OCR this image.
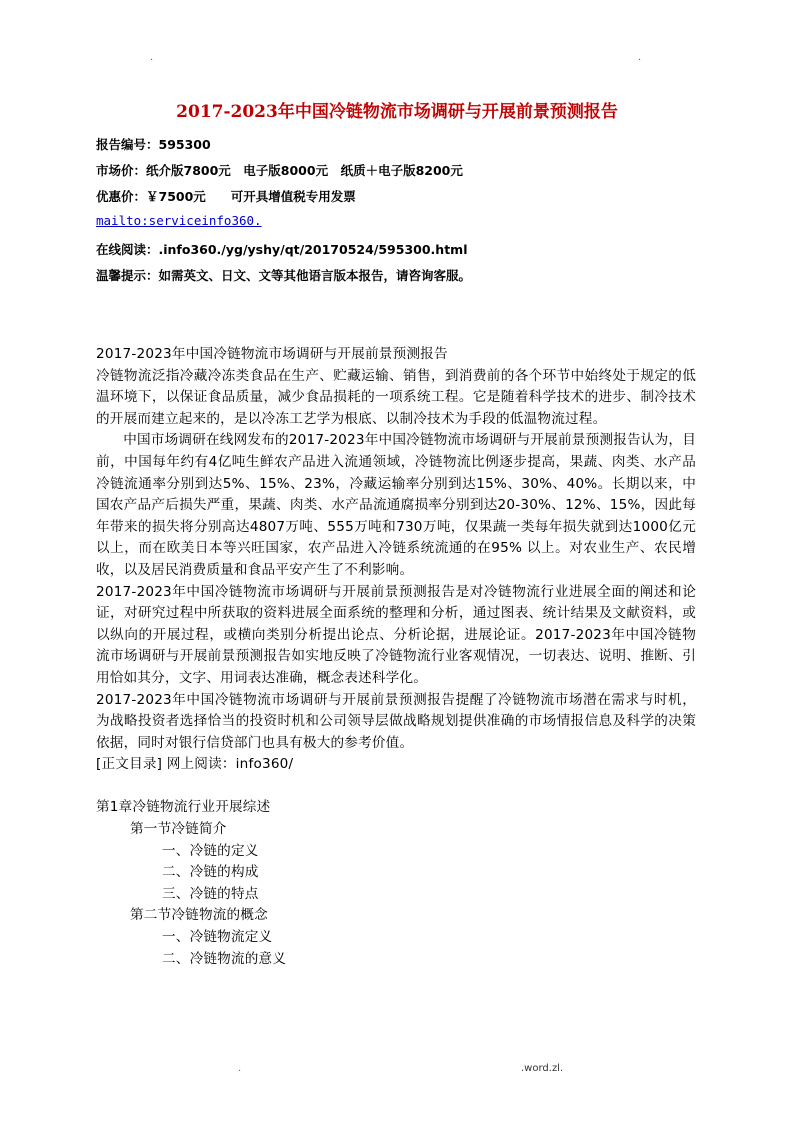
.	.
2017-2023年中国冷链物流市场调研与开展前景预测报告
报告编号：595300
市场价：纸介版7800元　电子版8000元　纸质＋电子版8200元
优惠价：￥7500元　　可开具增值税专用发票
mailto:serviceinfo360.
在线阅读：.info360./yg/yshy/qt/20170524/595300.html
温馨提示：如需英文、日文、文等其他语言版本报告，请咨询客服。

2017-2023年中国冷链物流市场调研与开展前景预测报告

冷链物流泛指冷藏冷冻类食品在生产、贮藏运输、销售，到消费前的各个环节中始终处于规定的低温环境下，以保证食品质量，减少食品损耗的一项系统工程。它是随着科学技术的进步、制冷技术的开展而建立起来的，是以冷冻工艺学为根底、以制冷技术为手段的低温物流过程。

中国市场调研在线网发布的2017-2023年中国冷链物流市场调研与开展前景预测报告认为，目前，中国每年约有4亿吨生鲜农产品进入流通领域，冷链物流比例逐步提高，果蔬、肉类、水产品冷链流通率分别到达5%、15%、23%，冷藏运输率分别到达15%、30%、40%。长期以来，中国农产品产后损失严重，果蔬、肉类、水产品流通腐损率分别到达20-30%、12%、15%，因此每年带来的损失将分别高达4807万吨、555万吨和730万吨，仅果蔬一类每年损失就到达1000亿元以上，而在欧美日本等兴旺国家，农产品进入冷链系统流通的在95% 以上。对农业生产、农民增收，以及居民消费质量和食品平安产生了不利影响。

2017-2023年中国冷链物流市场调研与开展前景预测报告是对冷链物流行业进展全面的阐述和论证，对研究过程中所获取的资料进展全面系统的整理和分析，通过图表、统计结果及文献资料，或以纵向的开展过程，或横向类别分析提出论点、分析论据，进展论证。2017-2023年中国冷链物流市场调研与开展前景预测报告如实地反映了冷链物流行业客观情况，一切表达、说明、推断、引用恰如其分，文字、用词表达准确，概念表述科学化。

2017-2023年中国冷链物流市场调研与开展前景预测报告提醒了冷链物流市场潜在需求与时机，为战略投资者选择恰当的投资时机和公司领导层做战略规划提供准确的市场情报信息及科学的决策依据，同时对银行信贷部门也具有极大的参考价值。

[正文目录] 网上阅读：info360/

第1章冷链物流行业开展综述
第一节冷链简介
一、冷链的定义
二、冷链的构成
三、冷链的特点
第二节冷链物流的概念
一、冷链物流定义
二、冷链物流的意义
.	.word.zl.
